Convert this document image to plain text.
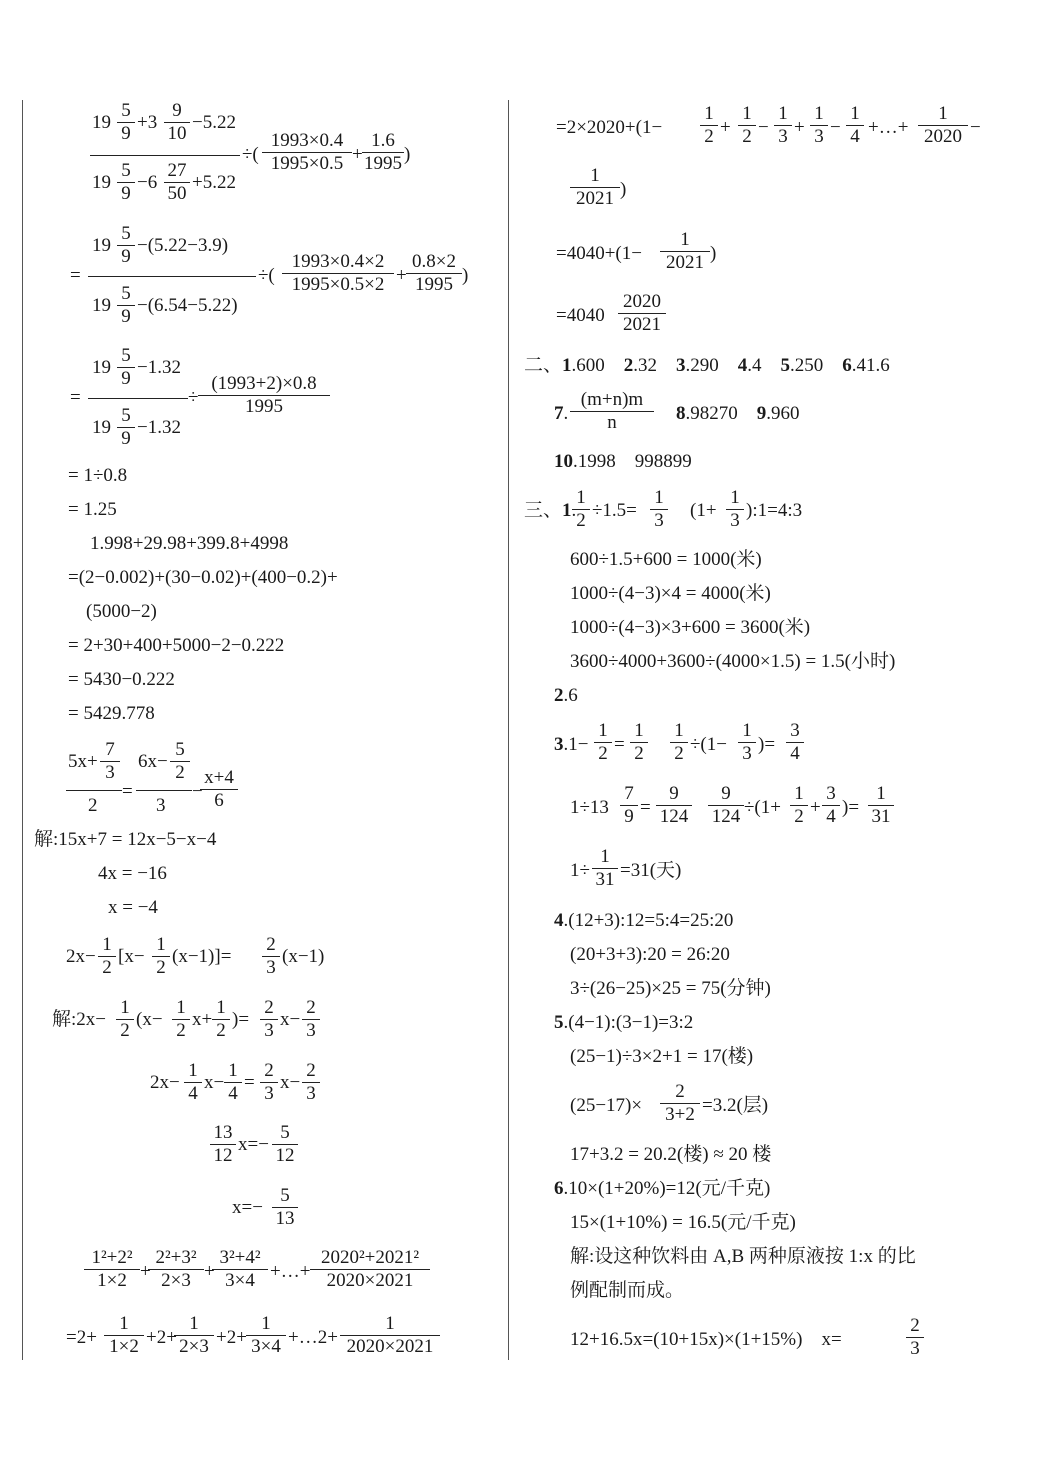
19
5
9
+3
9
10
−5.22
19
5
9
−6
27
50
+5.22
÷(
1993×0.4
1995×0.5 +
1.6
1995 )
19
5
9
−(5.22−3.9)
=
19
5
9
−(6.54−5.22)
÷(
1993×0.4×2
1995×0.5×2 +
0.8×2
1995 )
19
5
9
−1.32
=
19
5
9
−1.32
÷
(1993+2)×0.8
1995
= 1÷0.8
= 1.25
1.998+29.98+399.8+4998
=(2−0.002)+(30−0.02)+(400−0.2)+
(5000−2)
= 2+30+400+5000−2−0.222
= 5430−0.222
= 5429.778
5x+
7
3
2
=
6x−
5
2
3
−
x+4
6
解:15x+7 = 12x−5−x−4
4x = −16
x = −4
2x−
1
2
[x−
1
2
(x−1)]=
2
3
(x−1)
解:2x−
1
2
(x−
1
2
x+
1
2
)=
2
3
x−
2
3
2x−
1
4
x−
1
4
=
2
3
x−
2
3
13
12
x=−
5
12
x=−
5
13
1²+2²
1×2 +
2²+3²
2×3 +
3²+4²
3×4 +…+
2020²+2021²
2020×2021
=2+
1
1×2 +2+
1
2×3 +2+
1
3×4 +…2+
1
2020×2021
=2×2020+(1−
1
2 +
1
2 −
1
3 +
1
3 −
1
4 +…+
1
2020 −
1
2021 )
=4040+(1−
1
2021 )
=4040
2020
2021
二、1.600    2.32    3.290    4.4    5.250    6.41.6
7.
(m+n)m
n	8.98270    9.960
10.1998    998899
三、1.
1
2 ÷1.5=
1
3 (1+
1
3 ):1=4:3
600÷1.5+600 = 1000(米)
1000÷(4−3)×4 = 4000(米)
1000÷(4−3)×3+600 = 3600(米)
3600÷4000+3600÷(4000×1.5) = 1.5(小时)
2.6
3.1−
1
2 =
1
2
1
2 ÷(1−
1
3 )=
3
4
1÷13
7
9 =
9
124
9
124 ÷(1+
1
2 +
3
4 )=
1
31
1÷
1
31 =31(天)
4.(12+3):12=5:4=25:20
(20+3+3):20 = 26:20
3÷(26−25)×25 = 75(分钟)
5.(4−1):(3−1)=3:2
(25−1)÷3×2+1 = 17(楼)
(25−17)×
2
3+2 =3.2(层)
17+3.2 = 20.2(楼) ≈ 20 楼
6.10×(1+20%)=12(元/千克)
15×(1+10%) = 16.5(元/千克)
解:设这种饮料由 A,B 两种原液按 1:x 的比
例配制而成。
12+16.5x=(10+15x)×(1+15%)    x=
2
3
